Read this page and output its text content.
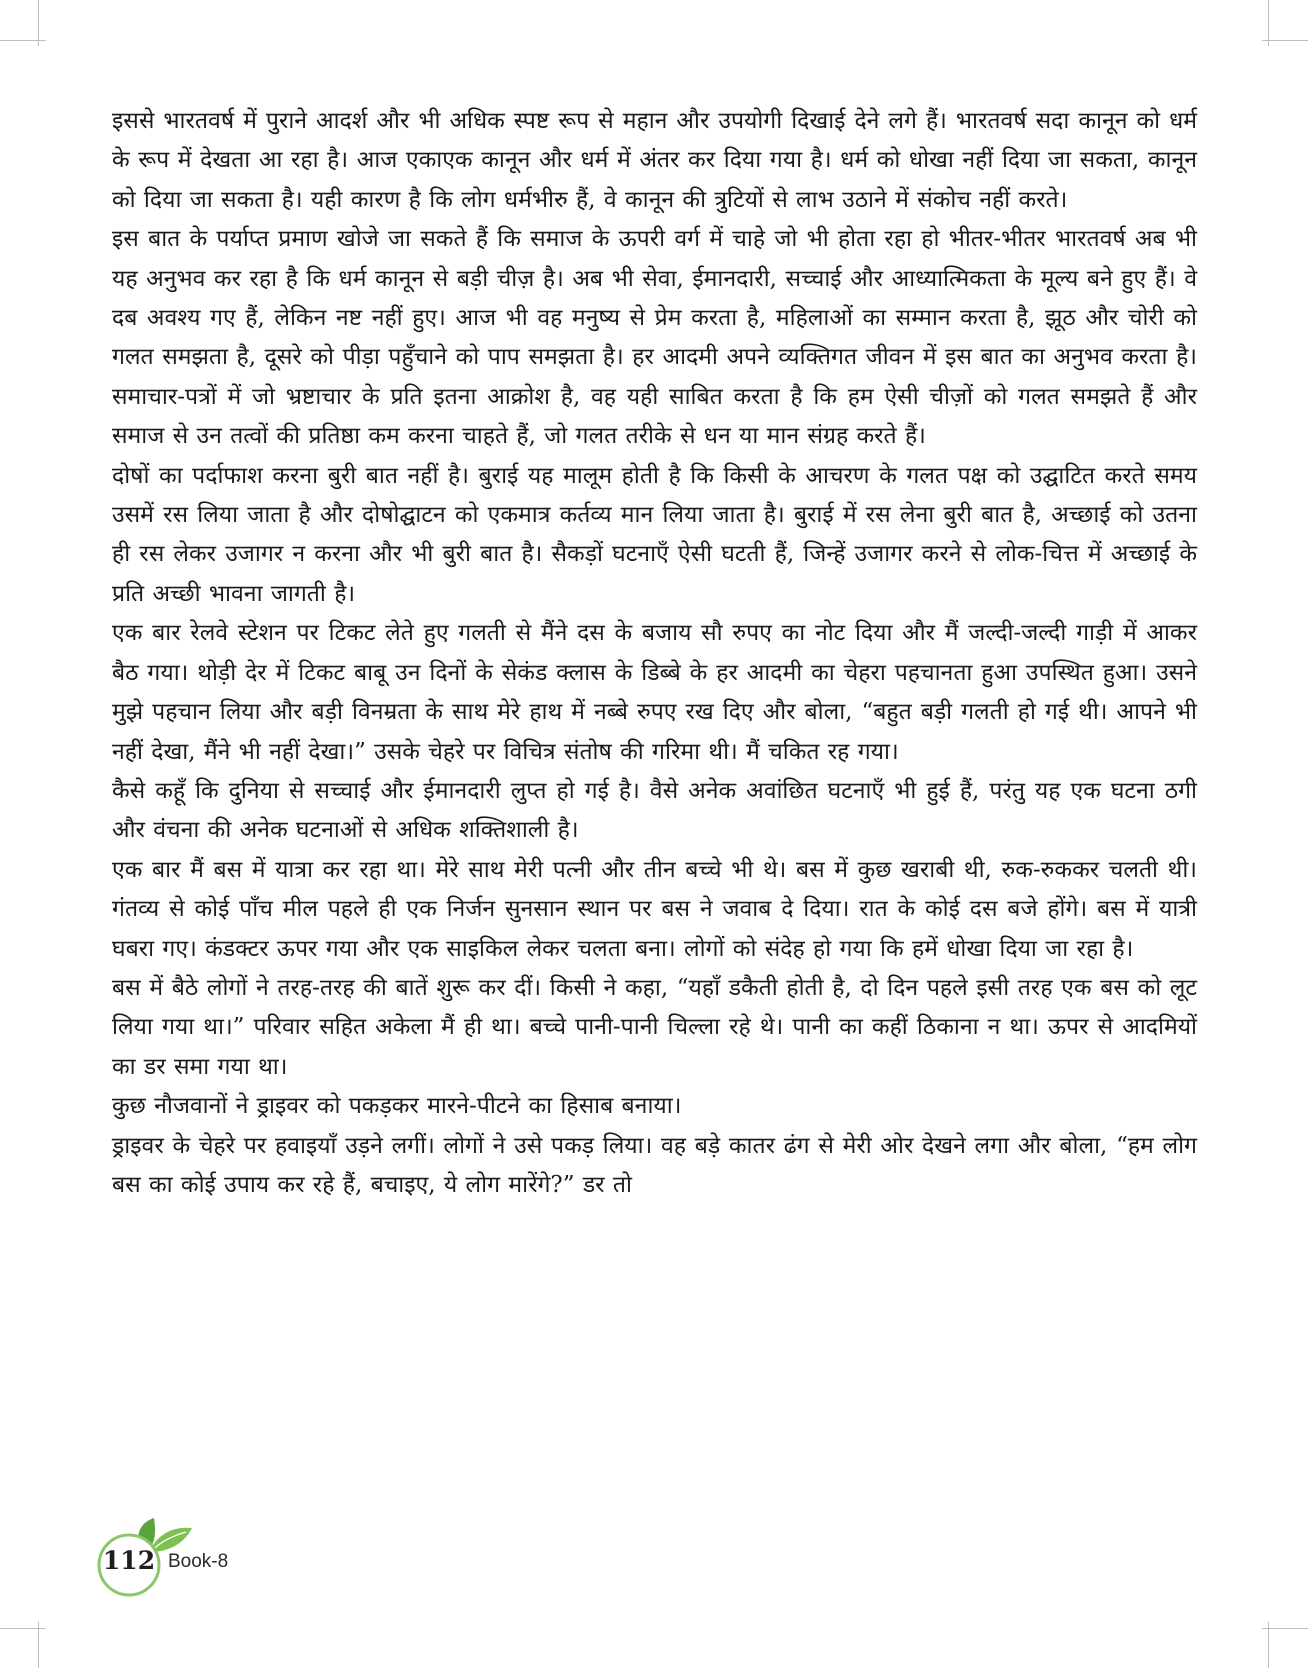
इससे भारतवर्ष में पुराने आदर्श और भी अधिक स्पष्ट रूप से महान और उपयोगी दिखाई देने लगे हैं। भारतवर्ष सदा कानून को धर्म के रूप में देखता आ रहा है। आज एकाएक कानून और धर्म में अंतर कर दिया गया है। धर्म को धोखा नहीं दिया जा सकता, कानून को दिया जा सकता है। यही कारण है कि लोग धर्मभीरु हैं, वे कानून की त्रुटियों से लाभ उठाने में संकोच नहीं करते।

इस बात के पर्याप्त प्रमाण खोजे जा सकते हैं कि समाज के ऊपरी वर्ग में चाहे जो भी होता रहा हो भीतर-भीतर भारतवर्ष अब भी यह अनुभव कर रहा है कि धर्म कानून से बड़ी चीज़ है। अब भी सेवा, ईमानदारी, सच्चाई और आध्यात्मिकता के मूल्य बने हुए हैं। वे दब अवश्य गए हैं, लेकिन नष्ट नहीं हुए। आज भी वह मनुष्य से प्रेम करता है, महिलाओं का सम्मान करता है, झूठ और चोरी को गलत समझता है, दूसरे को पीड़ा पहुँचाने को पाप समझता है। हर आदमी अपने व्यक्तिगत जीवन में इस बात का अनुभव करता है। समाचार-पत्रों में जो भ्रष्टाचार के प्रति इतना आक्रोश है, वह यही साबित करता है कि हम ऐसी चीज़ों को गलत समझते हैं और समाज से उन तत्वों की प्रतिष्ठा कम करना चाहते हैं, जो गलत तरीके से धन या मान संग्रह करते हैं।

दोषों का पर्दाफाश करना बुरी बात नहीं है। बुराई यह मालूम होती है कि किसी के आचरण के गलत पक्ष को उद्घाटित करते समय उसमें रस लिया जाता है और दोषोद्घाटन को एकमात्र कर्तव्य मान लिया जाता है। बुराई में रस लेना बुरी बात है, अच्छाई को उतना ही रस लेकर उजागर न करना और भी बुरी बात है। सैकड़ों घटनाएँ ऐसी घटती हैं, जिन्हें उजागर करने से लोक-चित्त में अच्छाई के प्रति अच्छी भावना जागती है।

एक बार रेलवे स्टेशन पर टिकट लेते हुए गलती से मैंने दस के बजाय सौ रुपए का नोट दिया और मैं जल्दी-जल्दी गाड़ी में आकर बैठ गया। थोड़ी देर में टिकट बाबू उन दिनों के सेकंड क्लास के डिब्बे के हर आदमी का चेहरा पहचानता हुआ उपस्थित हुआ। उसने मुझे पहचान लिया और बड़ी विनम्रता के साथ मेरे हाथ में नब्बे रुपए रख दिए और बोला, “बहुत बड़ी गलती हो गई थी। आपने भी नहीं देखा, मैंने भी नहीं देखा।” उसके चेहरे पर विचित्र संतोष की गरिमा थी। मैं चकित रह गया।

कैसे कहूँ कि दुनिया से सच्चाई और ईमानदारी लुप्त हो गई है। वैसे अनेक अवांछित घटनाएँ भी हुई हैं, परंतु यह एक घटना ठगी और वंचना की अनेक घटनाओं से अधिक शक्तिशाली है।

एक बार मैं बस में यात्रा कर रहा था। मेरे साथ मेरी पत्नी और तीन बच्चे भी थे। बस में कुछ खराबी थी, रुक-रुककर चलती थी। गंतव्य से कोई पाँच मील पहले ही एक निर्जन सुनसान स्थान पर बस ने जवाब दे दिया। रात के कोई दस बजे होंगे। बस में यात्री घबरा गए। कंडक्टर ऊपर गया और एक साइकिल लेकर चलता बना। लोगों को संदेह हो गया कि हमें धोखा दिया जा रहा है।

बस में बैठे लोगों ने तरह-तरह की बातें शुरू कर दीं। किसी ने कहा, “यहाँ डकैती होती है, दो दिन पहले इसी तरह एक बस को लूट लिया गया था।” परिवार सहित अकेला मैं ही था। बच्चे पानी-पानी चिल्ला रहे थे। पानी का कहीं ठिकाना न था। ऊपर से आदमियों का डर समा गया था।

कुछ नौजवानों ने ड्राइवर को पकड़कर मारने-पीटने का हिसाब बनाया।

ड्राइवर के चेहरे पर हवाइयाँ उड़ने लगीं। लोगों ने उसे पकड़ लिया। वह बड़े कातर ढंग से मेरी ओर देखने लगा और बोला, “हम लोग बस का कोई उपाय कर रहे हैं, बचाइए, ये लोग मारेंगे?” डर तो

112 Book-8
